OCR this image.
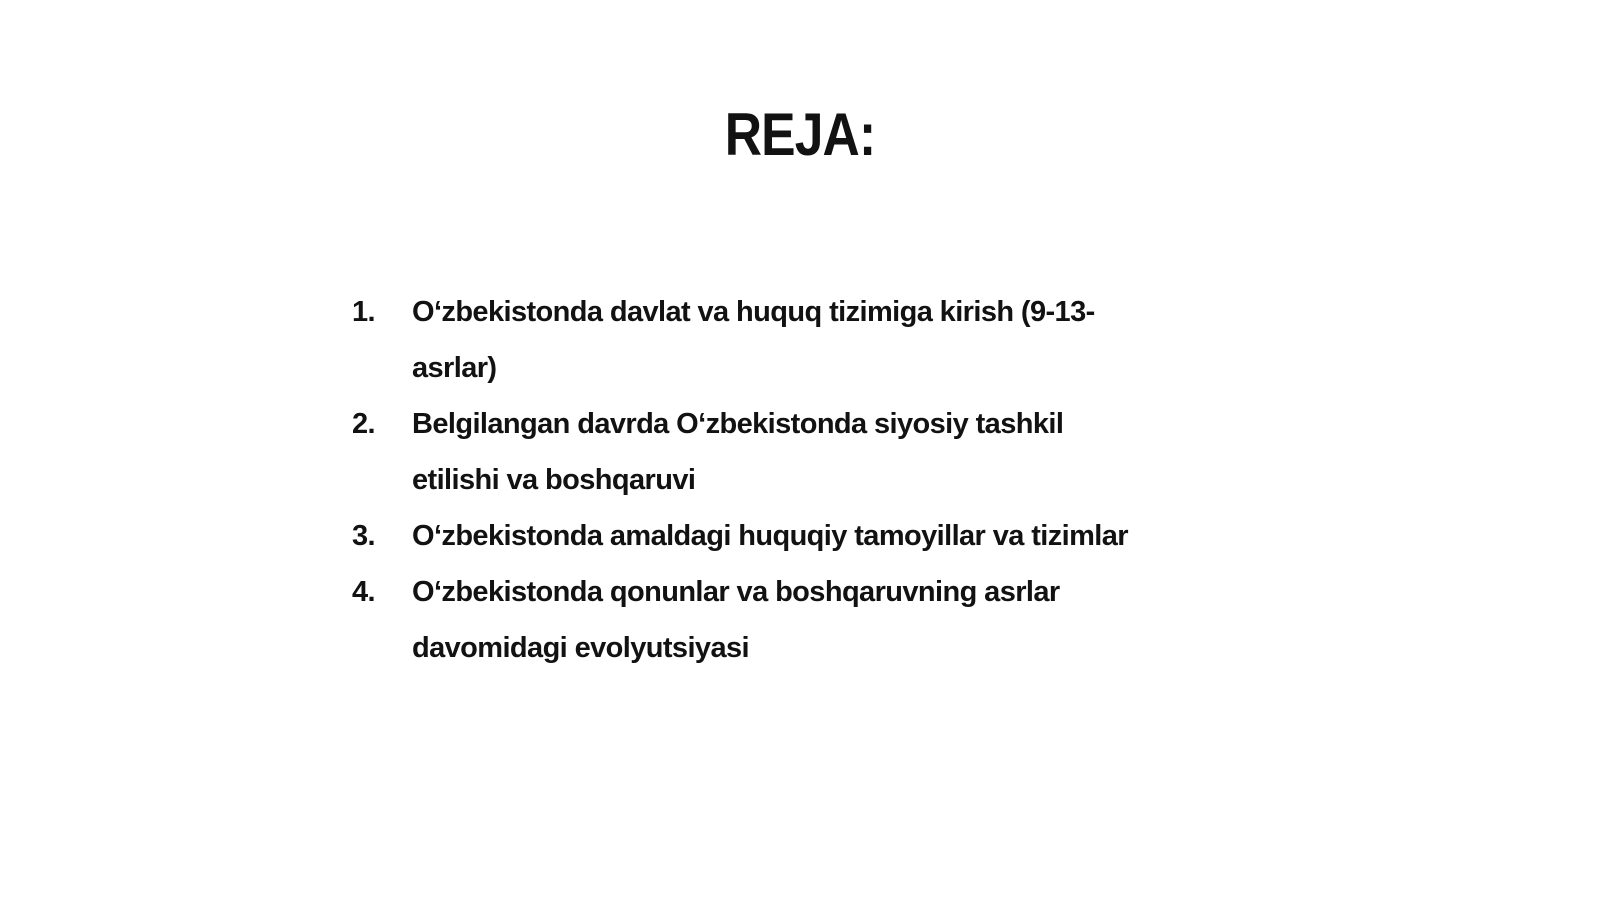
REJA:
1.	O‘zbekistonda davlat va huquq tizimiga kirish (9-13-asrlar)
2.	Belgilangan davrda O‘zbekistonda siyosiy tashkil etilishi va boshqaruvi
3.	O‘zbekistonda amaldagi huquqiy tamoyillar va tizimlar
4.	O‘zbekistonda qonunlar va boshqaruvning asrlar davomidagi evolyutsiyasi
